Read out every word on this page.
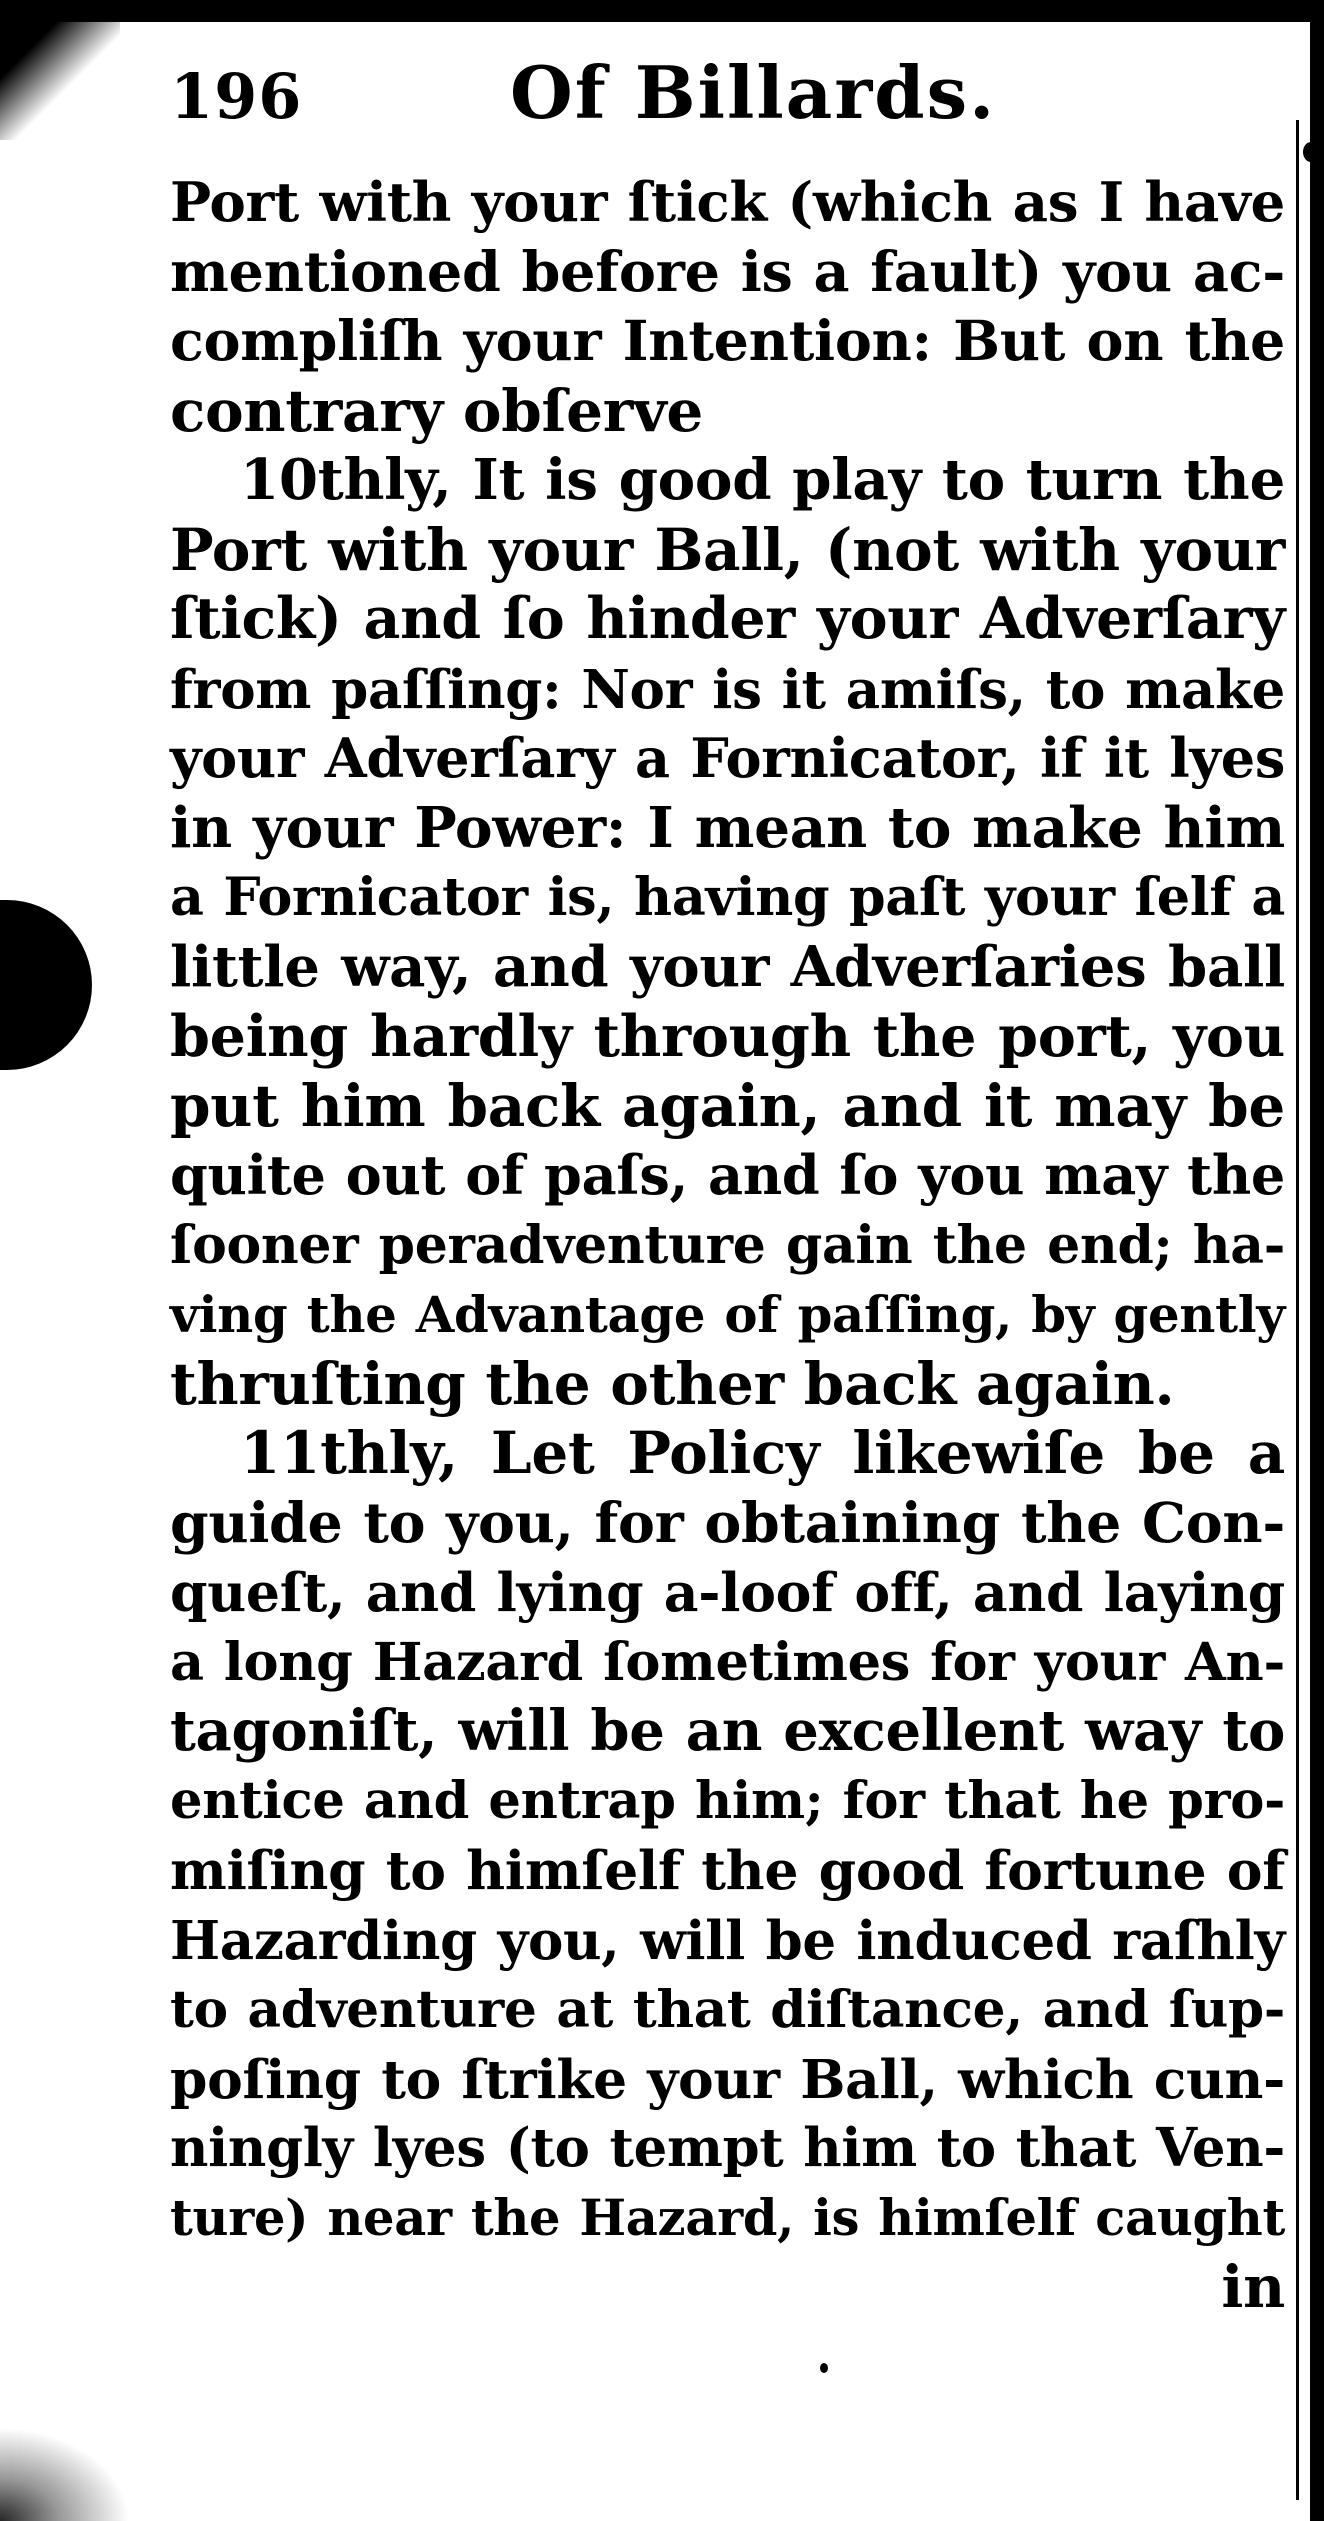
196	Of Billards.
Port with your ſtick (which as I have
mentioned before is a fault) you ac-
compliſh your Intention: But on the
contrary obſerve
10thly, It is good play to turn the
Port with your Ball, (not with your
ſtick) and ſo hinder your Adverſary
from paſſing: Nor is it amiſs, to make
your Adverſary a Fornicator, if it lyes
in your Power: I mean to make him
a Fornicator is, having paſt your ſelf a
little way, and your Adverſaries ball
being hardly through the port, you
put him back again, and it may be
quite out of paſs, and ſo you may the
ſooner peradventure gain the end; ha-
ving the Advantage of paſſing, by gently
thruſting the other back again.
11thly, Let Policy likewiſe be a
guide to you, for obtaining the Con-
queſt, and lying a-loof off, and laying
a long Hazard ſometimes for your An-
tagoniſt, will be an excellent way to
entice and entrap him; for that he pro-
miſing to himſelf the good fortune of
Hazarding you, will be induced raſhly
to adventure at that diſtance, and ſup-
poſing to ſtrike your Ball, which cun-
ningly lyes (to tempt him to that Ven-
ture) near the Hazard, is himſelf caught
in
